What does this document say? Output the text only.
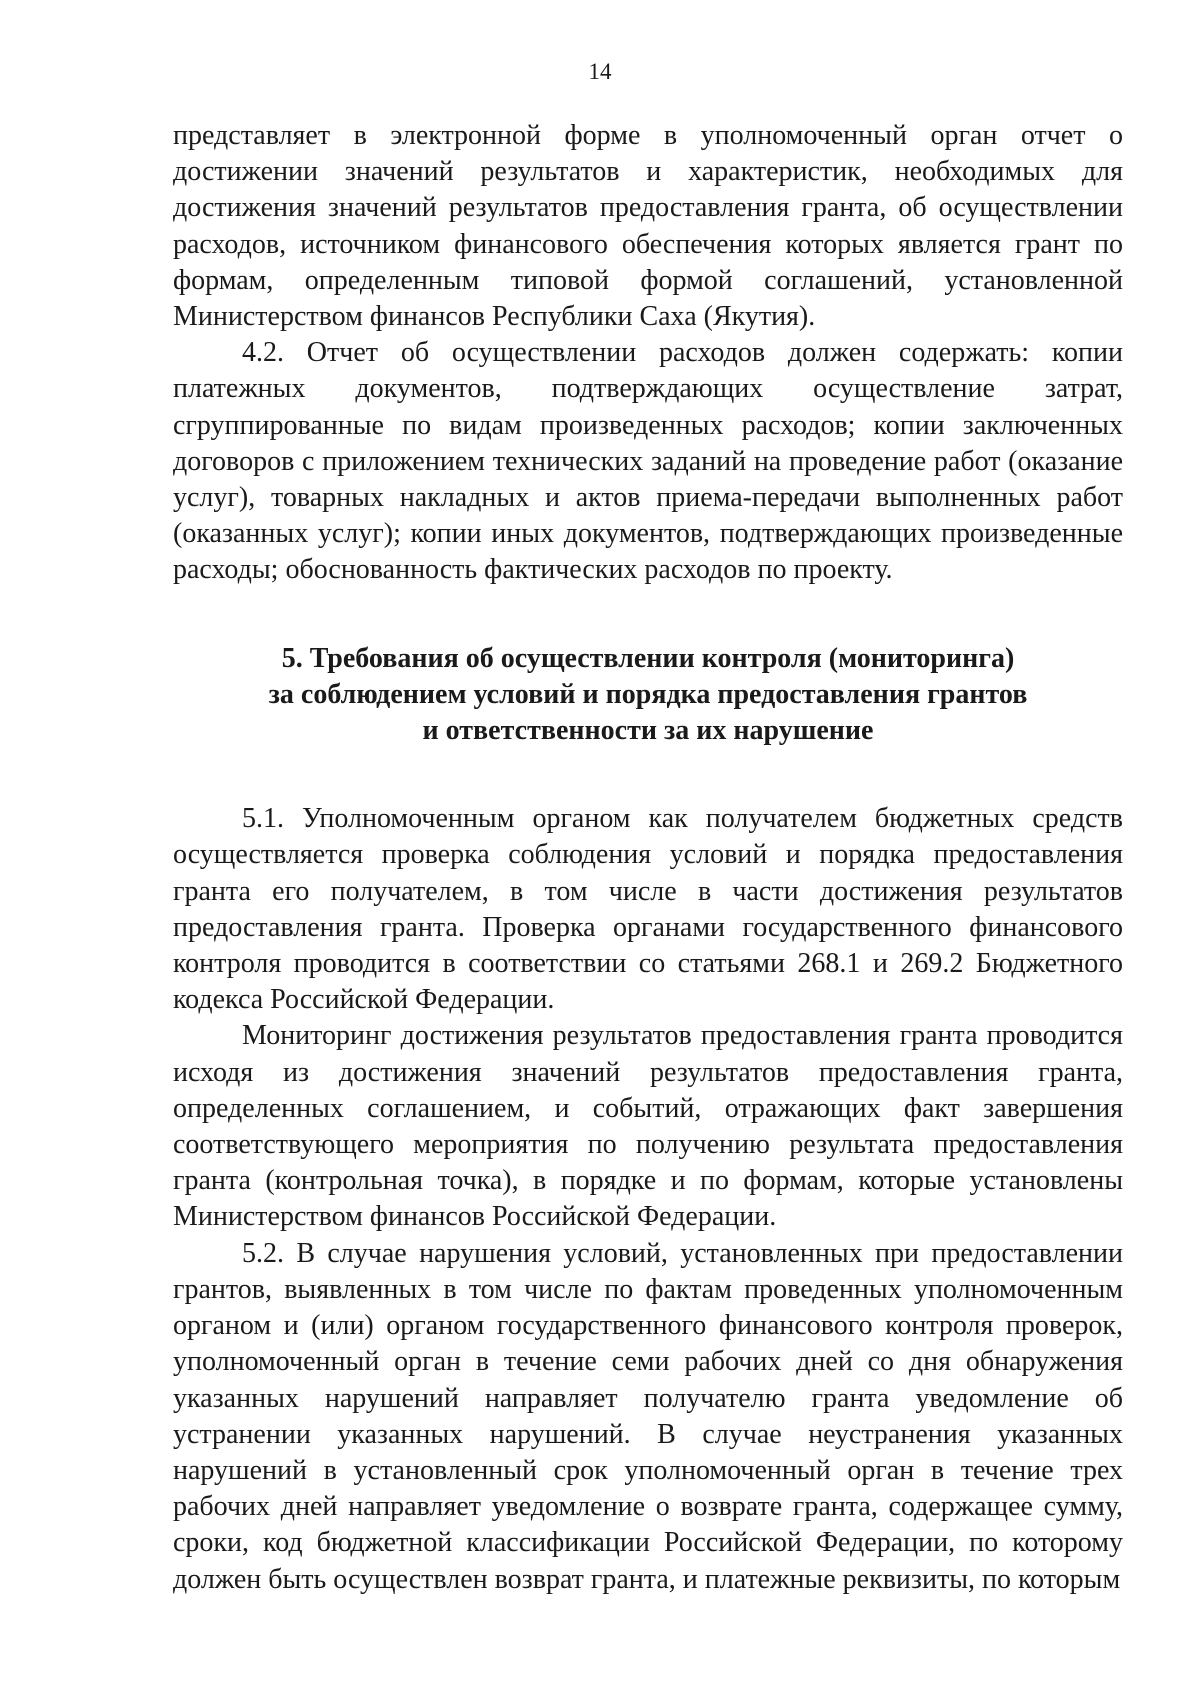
14

представляет в электронной форме в уполномоченный орган отчет о достижении значений результатов и характеристик, необходимых для достижения значений результатов предоставления гранта, об осуществлении расходов, источником финансового обеспечения которых является грант по формам, определенным типовой формой соглашений, установленной Министерством финансов Республики Саха (Якутия).

4.2. Отчет об осуществлении расходов должен содержать: копии платежных документов, подтверждающих осуществление затрат, сгруппированные по видам произведенных расходов; копии заключенных договоров с приложением технических заданий на проведение работ (оказание услуг), товарных накладных и актов приема-передачи выполненных работ (оказанных услуг); копии иных документов, подтверждающих произведенные расходы; обоснованность фактических расходов по проекту.

5. Требования об осуществлении контроля (мониторинга)
за соблюдением условий и порядка предоставления грантов
и ответственности за их нарушение

5.1. Уполномоченным органом как получателем бюджетных средств осуществляется проверка соблюдения условий и порядка предоставления гранта его получателем, в том числе в части достижения результатов предоставления гранта. Проверка органами государственного финансового контроля проводится в соответствии со статьями 268.1 и 269.2 Бюджетного кодекса Российской Федерации.

Мониторинг достижения результатов предоставления гранта проводится исходя из достижения значений результатов предоставления гранта, определенных соглашением, и событий, отражающих факт завершения соответствующего мероприятия по получению результата предоставления гранта (контрольная точка), в порядке и по формам, которые установлены Министерством финансов Российской Федерации.

5.2. В случае нарушения условий, установленных при предоставлении грантов, выявленных в том числе по фактам проведенных уполномоченным органом и (или) органом государственного финансового контроля проверок, уполномоченный орган в течение семи рабочих дней со дня обнаружения указанных нарушений направляет получателю гранта уведомление об устранении указанных нарушений. В случае неустранения указанных нарушений в установленный срок уполномоченный орган в течение трех рабочих дней направляет уведомление о возврате гранта, содержащее сумму, сроки, код бюджетной классификации Российской Федерации, по которому должен быть осуществлен возврат гранта, и платежные реквизиты, по которым
